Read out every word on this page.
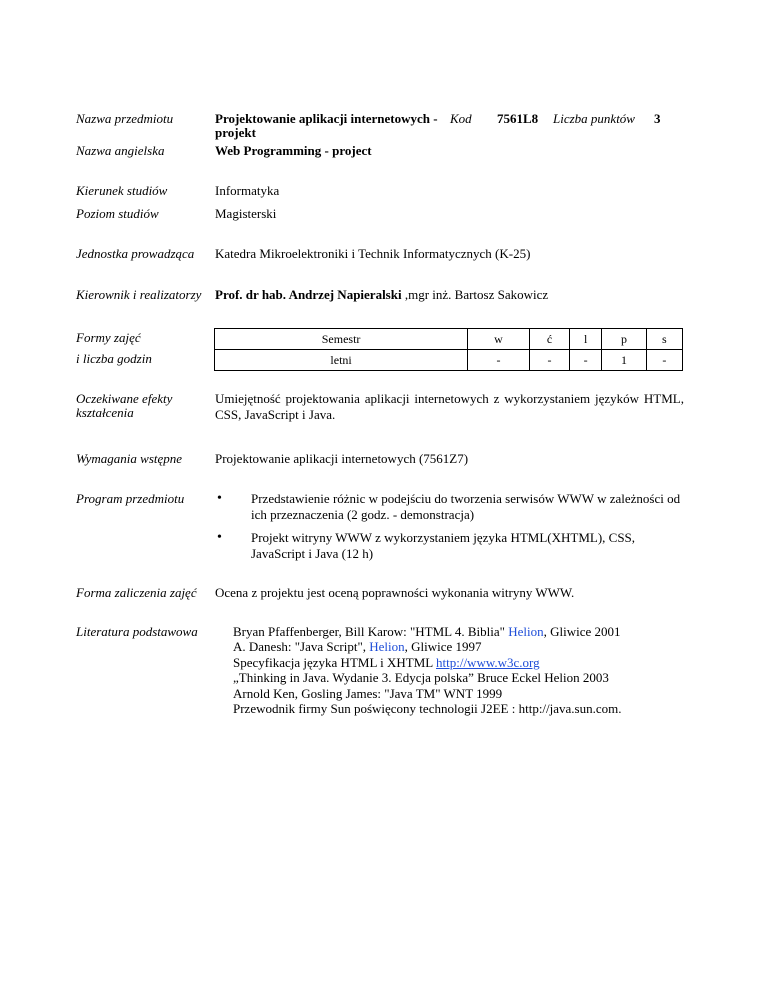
Nazwa przedmiotu	Projektowanie aplikacji internetowych -
projekt
Kod 7561L8 Liczba punktów 3
Nazwa angielska	Web Programming - project
Kierunek studiów	Informatyka
Poziom studiów	Magisterski
Jednostka prowadząca Katedra Mikroelektroniki i Technik Informatycznych (K-25)
Kierownik i realizatorzy Prof. dr hab. Andrzej Napieralski ,mgr inż. Bartosz Sakowicz
Formy zajęć
i liczba godzin
Semestr	w	ć	l	p	s
letni	-	-	-	1	-
Oczekiwane efekty
kształcenia
Umiejętność projektowania aplikacji internetowych z wykorzystaniem języków HTML, CSS, JavaScript i Java.
Wymagania wstępne	Projektowanie aplikacji internetowych (7561Z7)
Program przedmiotu • Przedstawienie różnic w podejściu do tworzenia serwisów WWW w zależności od ich przeznaczenia (2 godz. - demonstracja)
• Projekt witryny WWW z wykorzystaniem języka HTML(XHTML), CSS, JavaScript i Java (12 h)
Forma zaliczenia zajęć Ocena z projektu jest oceną poprawności wykonania witryny WWW.
Literatura podstawowa	Bryan Pfaffenberger, Bill Karow: "HTML 4. Biblia" Helion, Gliwice 2001
A. Danesh: "Java Script", Helion, Gliwice 1997
Specyfikacja języka HTML i XHTML http://www.w3c.org
„Thinking in Java. Wydanie 3. Edycja polska” Bruce Eckel Helion 2003
Arnold Ken, Gosling James: "Java TM" WNT 1999
Przewodnik firmy Sun poświęcony technologii J2EE : http://java.sun.com.
